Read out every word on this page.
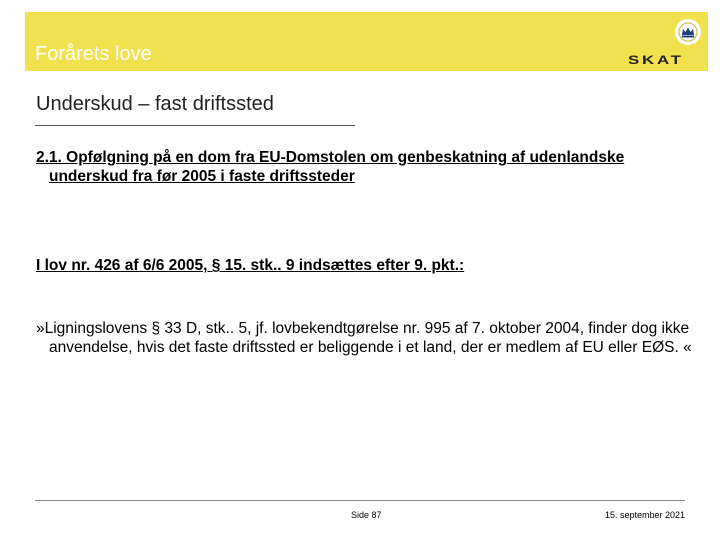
Forårets love	SKAT
Underskud – fast driftssted
2.1. Opfølgning på en dom fra EU-Domstolen om genbeskatning af udenlandske underskud fra før 2005 i faste driftssteder
I lov nr. 426 af 6/6 2005, § 15. stk.. 9 indsættes efter 9. pkt.:
»Ligningslovens § 33 D, stk.. 5, jf. lovbekendtgørelse nr. 995 af 7. oktober 2004, finder dog ikke anvendelse, hvis det faste driftssted er beliggende i et land, der er medlem af EU eller EØS. «
Side 87	15. september 2021
